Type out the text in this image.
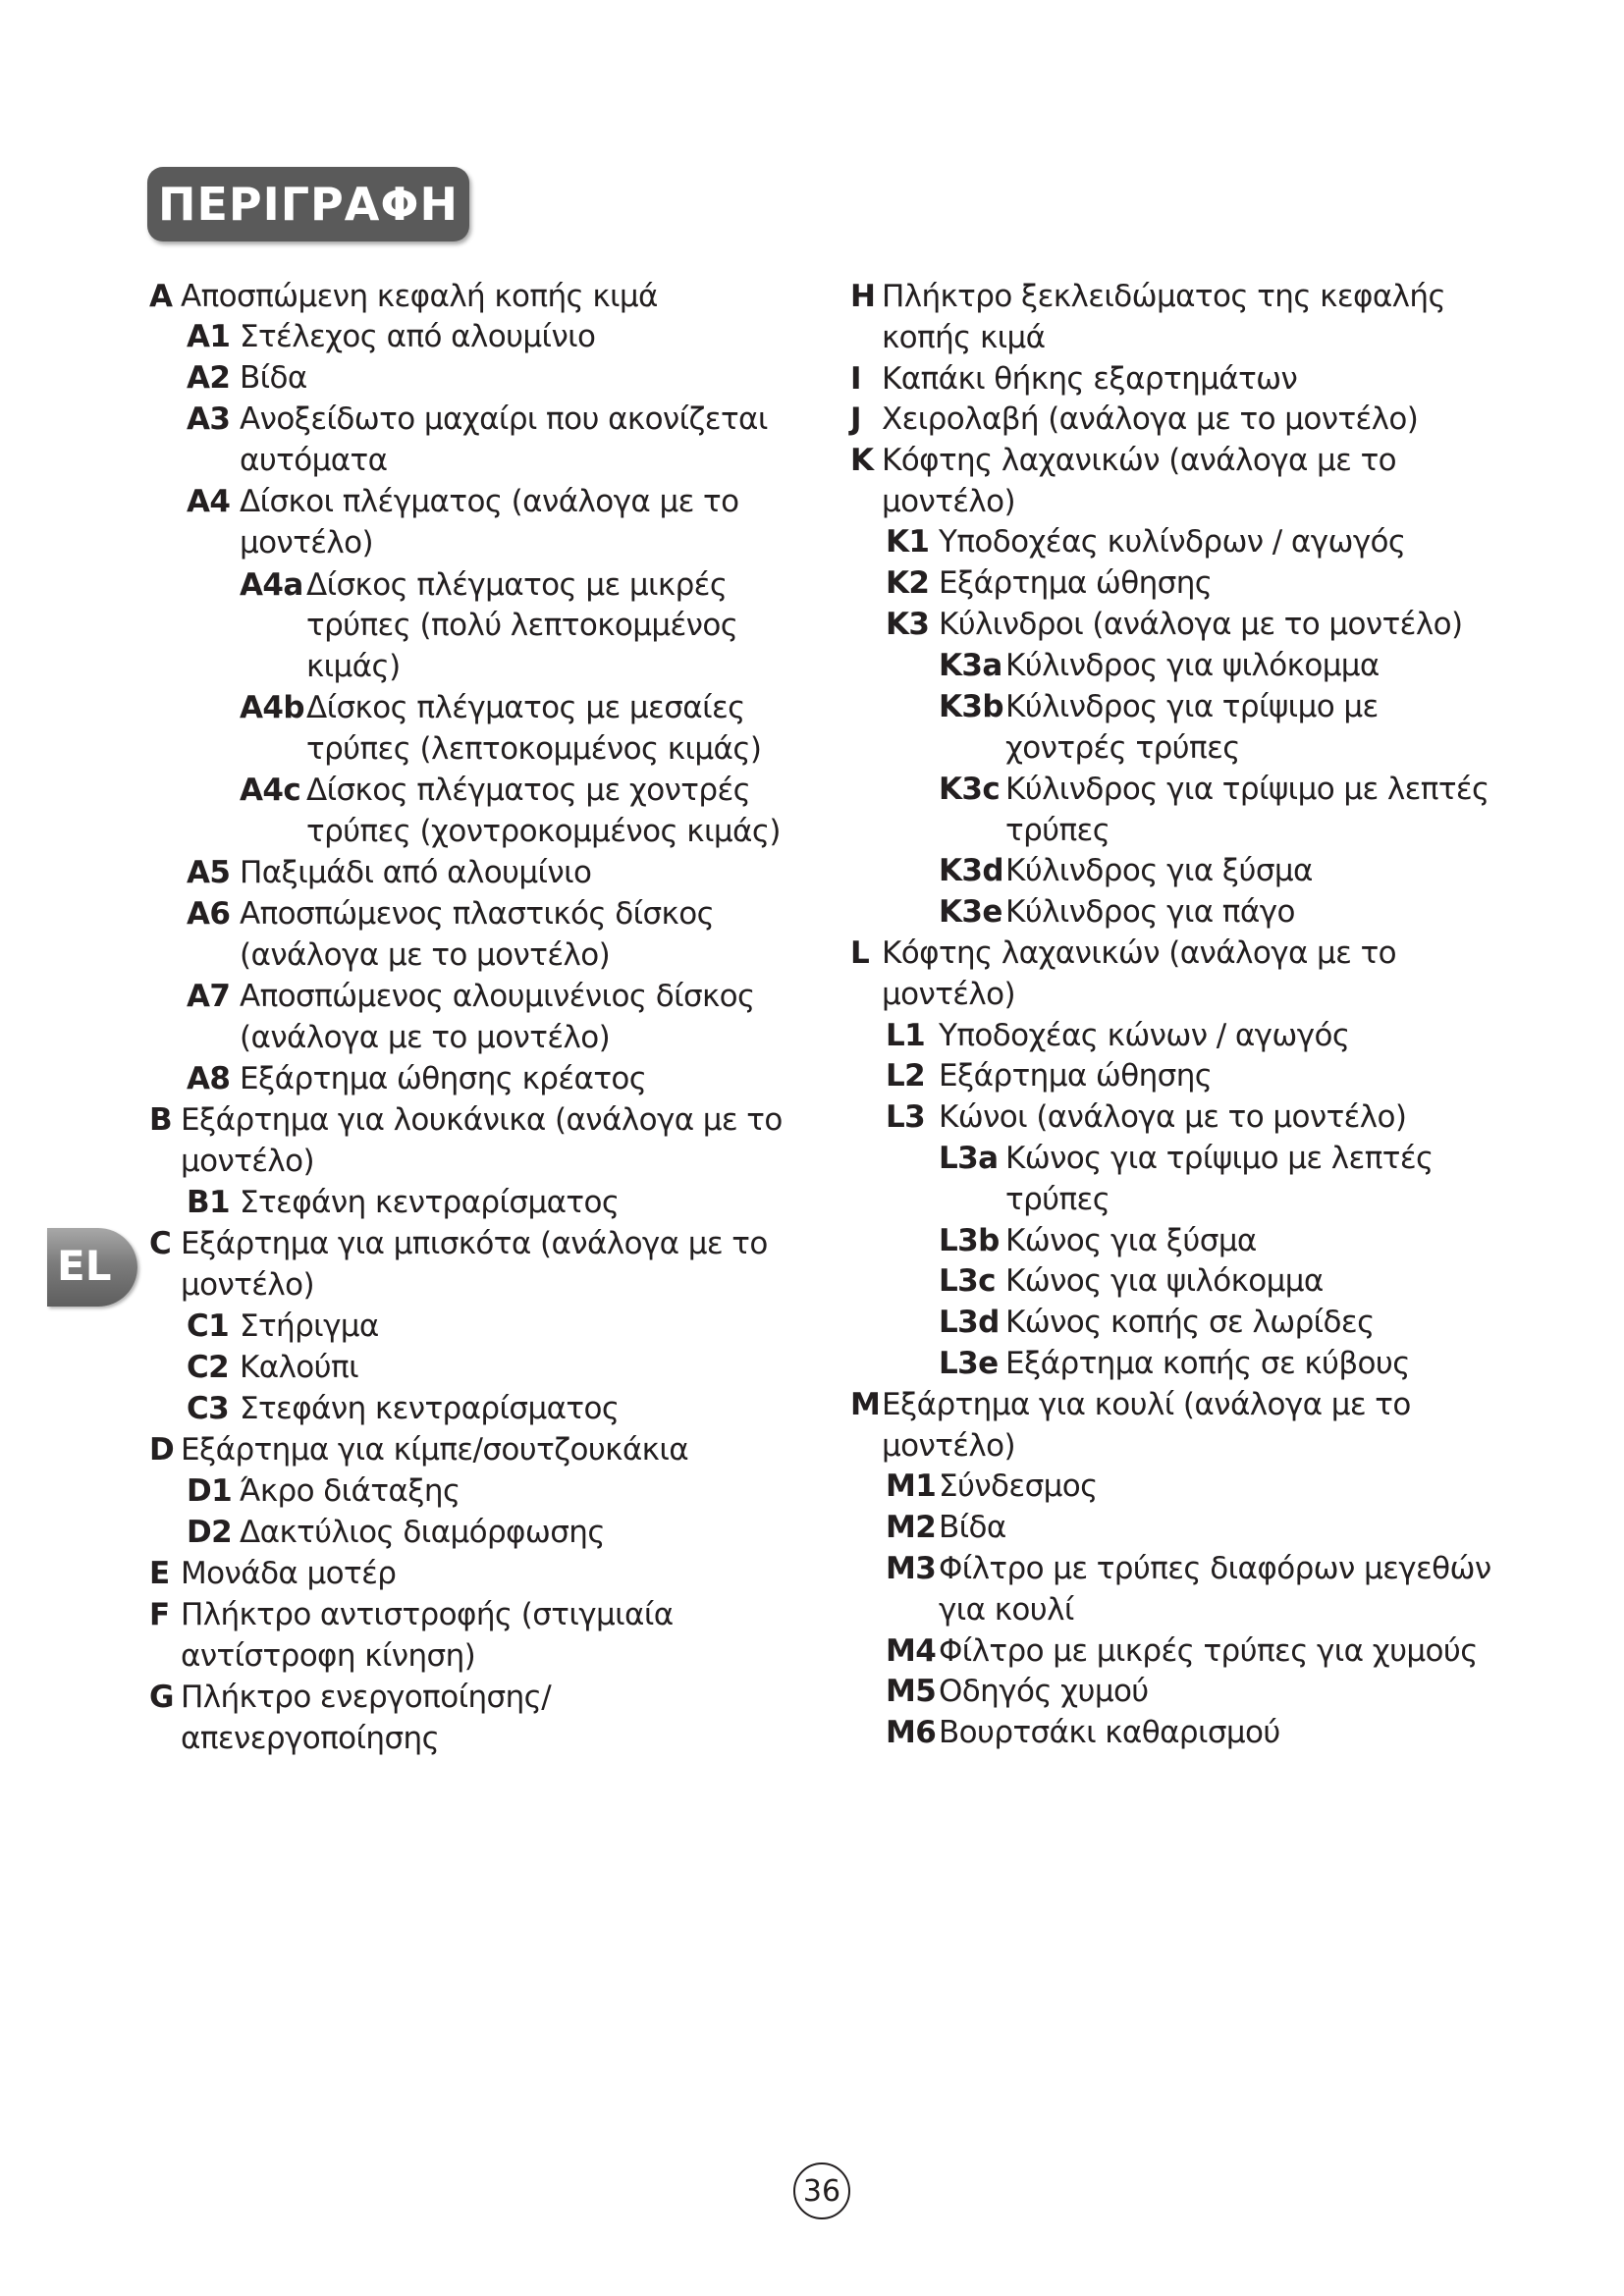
ΠΕΡΙΓΡΑΦΗ
EL
A Αποσπώμενη κεφαλή κοπής κιμά
A1 Στέλεχος από αλουμίνιο
A2 Βίδα
A3 Ανοξείδωτο μαχαίρι που ακονίζεται
αυτόματα
A4 Δίσκοι πλέγματος (ανάλογα με το
μοντέλο)
A4a Δίσκος πλέγματος με μικρές
τρύπες (πολύ λεπτοκομμένος
κιμάς)
A4b Δίσκος πλέγματος με μεσαίες
τρύπες (λεπτοκομμένος κιμάς)
A4c Δίσκος πλέγματος με χοντρές
τρύπες (χοντροκομμένος κιμάς)
A5 Παξιμάδι από αλουμίνιο
A6 Αποσπώμενος πλαστικός δίσκος
(ανάλογα με το μοντέλο)
A7 Αποσπώμενος αλουμινένιος δίσκος
(ανάλογα με το μοντέλο)
A8 Εξάρτημα ώθησης κρέατος
B Εξάρτημα για λουκάνικα (ανάλογα με το
μοντέλο)
B1 Στεφάνη κεντραρίσματος
C Εξάρτημα για μπισκότα (ανάλογα με το
μοντέλο)
C1 Στήριγμα
C2 Καλούπι
C3 Στεφάνη κεντραρίσματος
D Εξάρτημα για κίμπε/σουτζουκάκια
D1 Άκρο διάταξης
D2 Δακτύλιος διαμόρφωσης
E Μονάδα μοτέρ
F Πλήκτρο αντιστροφής (στιγμιαία
αντίστροφη κίνηση)
G Πλήκτρο ενεργοποίησης/
απενεργοποίησης
H Πλήκτρο ξεκλειδώματος της κεφαλής
κοπής κιμά
I Καπάκι θήκης εξαρτημάτων
J Χειρολαβή (ανάλογα με το μοντέλο)
K Κόφτης λαχανικών (ανάλογα με το
μοντέλο)
K1 Υποδοχέας κυλίνδρων / αγωγός
K2 Εξάρτημα ώθησης
K3 Κύλινδροι (ανάλογα με το μοντέλο)
K3a Κύλινδρος για ψιλόκομμα
K3b Κύλινδρος για τρίψιμο με
χοντρές τρύπες
K3c Κύλινδρος για τρίψιμο με λεπτές
τρύπες
K3d Κύλινδρος για ξύσμα
K3e Κύλινδρος για πάγο
L Κόφτης λαχανικών (ανάλογα με το
μοντέλο)
L1 Υποδοχέας κώνων / αγωγός
L2 Εξάρτημα ώθησης
L3 Κώνοι (ανάλογα με το μοντέλο)
L3a Κώνος για τρίψιμο με λεπτές
τρύπες
L3b Κώνος για ξύσμα
L3c Κώνος για ψιλόκομμα
L3d Κώνος κοπής σε λωρίδες
L3e Εξάρτημα κοπής σε κύβους
M Εξάρτημα για κουλί (ανάλογα με το
μοντέλο)
M1 Σύνδεσμος
M2 Βίδα
M3 Φίλτρο με τρύπες διαφόρων μεγεθών
για κουλί
M4 Φίλτρο με μικρές τρύπες για χυμούς
M5 Οδηγός χυμού
M6 Βουρτσάκι καθαρισμού
36
